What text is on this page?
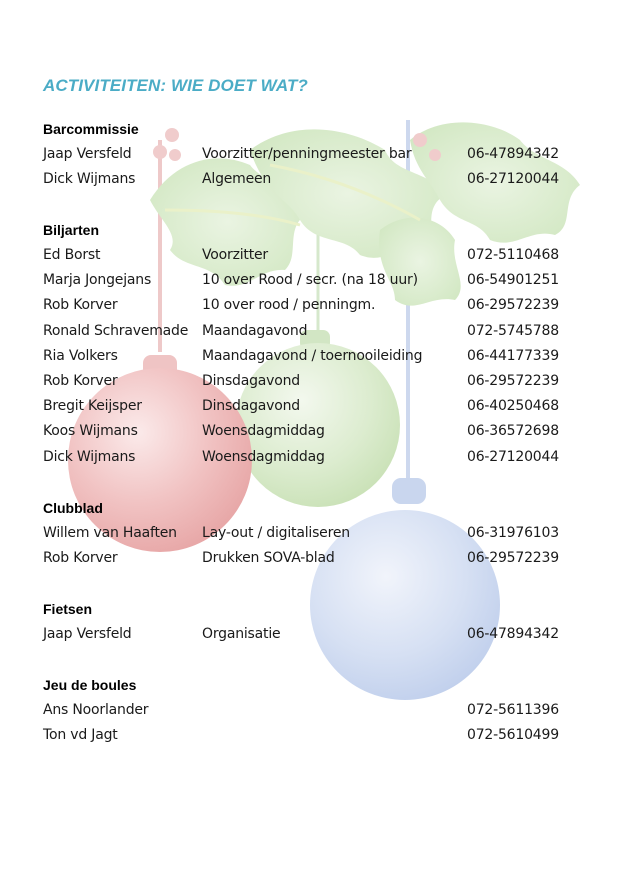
ACTIVITEITEN: WIE DOET WAT?
Barcommissie
Jaap Versfeld	Voorzitter/penningmeester bar	06-47894342
Dick Wijmans	Algemeen	06-27120044
Biljarten
Ed Borst	Voorzitter	072-5110468
Marja Jongejans	10 over Rood / secr. (na 18 uur)	06-54901251
Rob Korver	10 over rood / penningm.	06-29572239
Ronald Schravemade Maandagavond	072-5745788
Ria Volkers	Maandagavond / toernooileiding	06-44177339
Rob Korver	Dinsdagavond	06-29572239
Bregit Keijsper	Dinsdagavond	06-40250468
Koos Wijmans	Woensdagmiddag	06-36572698
Dick Wijmans	Woensdagmiddag	06-27120044
Clubblad
Willem van Haaften Lay-out / digitaliseren	06-31976103
Rob Korver	Drukken SOVA-blad	06-29572239
Fietsen
Jaap Versfeld	Organisatie	06-47894342
Jeu de boules
Ans Noorlander	072-5611396
Ton vd Jagt	072-5610499
